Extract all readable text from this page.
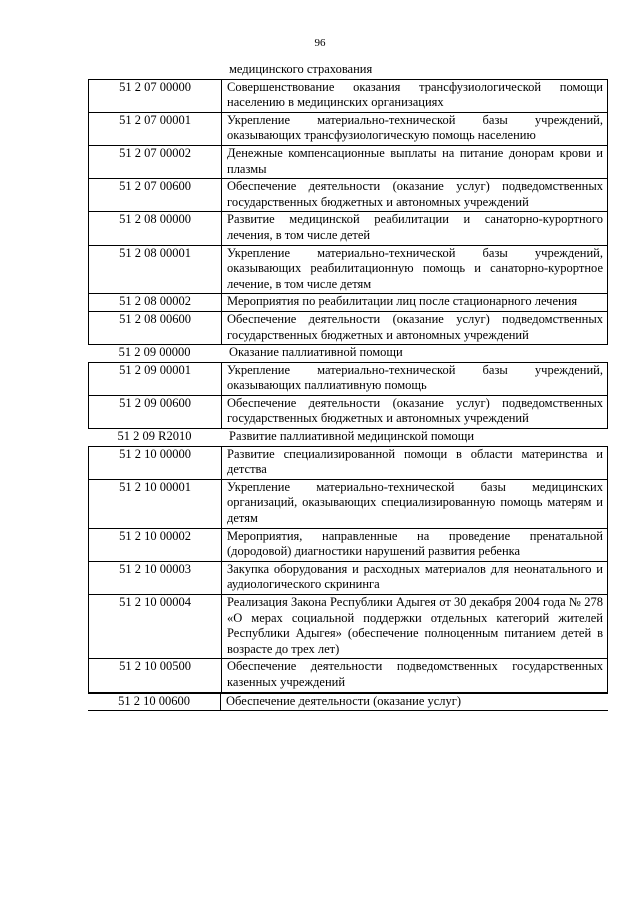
96
медицинского страхования
51 2 07 00000	Совершенствование оказания трансфузиологической помощи населению в медицинских организациях
51 2 07 00001	Укрепление материально-технической базы учреждений, оказывающих трансфузиологическую помощь населению
51 2 07 00002	Денежные компенсационные выплаты на питание донорам крови и плазмы
51 2 07 00600	Обеспечение деятельности (оказание услуг) подведомственных государственных бюджетных и автономных учреждений
51 2 08 00000	Развитие медицинской реабилитации и санаторно-курортного лечения, в том числе детей
51 2 08 00001	Укрепление материально-технической базы учреждений, оказывающих реабилитационную помощь и санаторно-курортное лечение, в том числе детям
51 2 08 00002	Мероприятия по реабилитации лиц после стационарного лечения
51 2 08 00600	Обеспечение деятельности (оказание услуг) подведомственных государственных бюджетных и автономных учреждений
51 2 09 00000	Оказание паллиативной помощи
51 2 09 00001	Укрепление материально-технической базы учреждений, оказывающих паллиативную помощь
51 2 09 00600	Обеспечение деятельности (оказание услуг) подведомственных государственных бюджетных и автономных учреждений
51 2 09 R2010	Развитие паллиативной медицинской помощи
51 2 10 00000	Развитие специализированной помощи в области материнства и детства
51 2 10 00001	Укрепление материально-технической базы медицинских организаций, оказывающих специализированную помощь матерям и детям
51 2 10 00002	Мероприятия, направленные на проведение пренатальной (дородовой) диагностики нарушений развития ребенка
51 2 10 00003	Закупка оборудования и расходных материалов для неонатального и аудиологического скрининга
51 2 10 00004	Реализация Закона Республики Адыгея от 30 декабря 2004 года № 278 «О мерах социальной поддержки отдельных категорий жителей Республики Адыгея» (обеспечение полноценным питанием детей в возрасте до трех лет)
51 2 10 00500	Обеспечение деятельности подведомственных государственных казенных учреждений
51 2 10 00600	Обеспечение деятельности (оказание услуг)
